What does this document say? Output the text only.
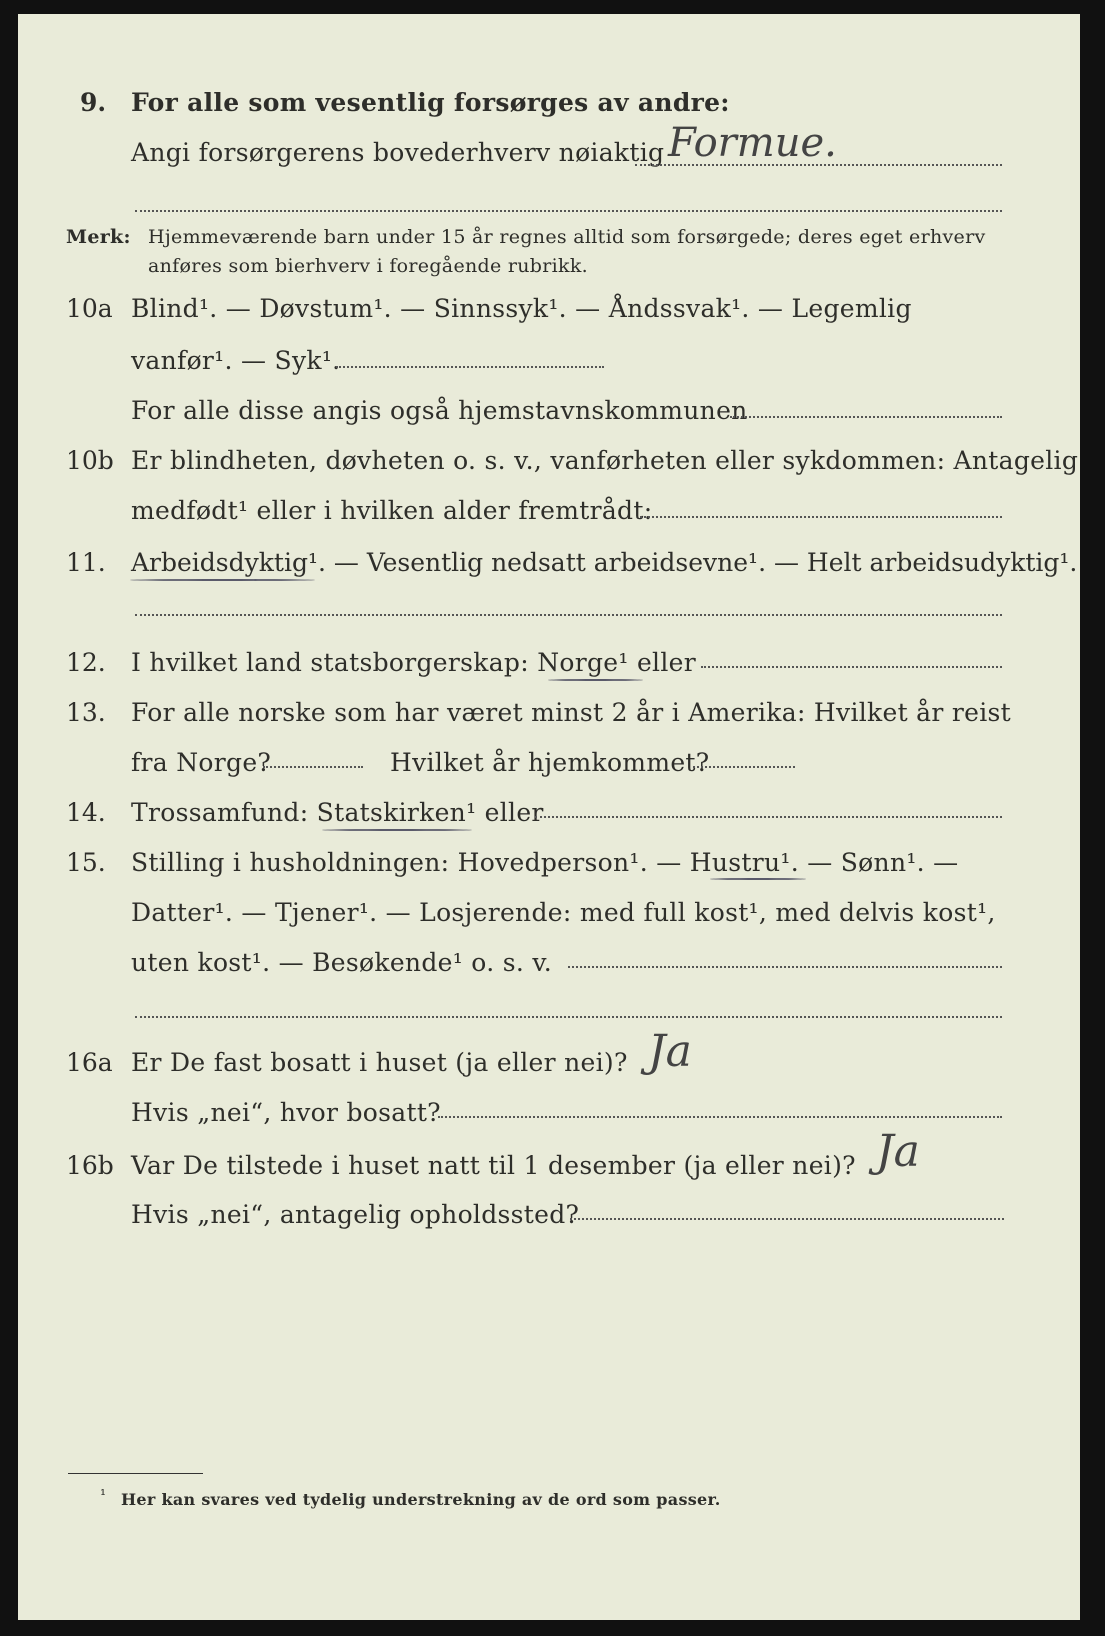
9. For alle som vesentlig forsørges av andre:
Angi forsørgerens bovederhverv nøiaktig Formue.
Merk: Hjemmeværende barn under 15 år regnes alltid som forsørgede; deres eget erhverv
anføres som bierhverv i foregående rubrikk.
10a Blind¹. — Døvstum¹. — Sinnssyk¹. — Åndssvak¹. — Legemlig
vanfør¹. — Syk¹.
For alle disse angis også hjemstavnskommunen
10b Er blindheten, døvheten o. s. v., vanførheten eller sykdommen: Antagelig
medfødt¹ eller i hvilken alder fremtrådt:
11. Arbeidsdyktig¹. — Vesentlig nedsatt arbeidsevne¹. — Helt arbeidsudyktig¹.
12. I hvilket land statsborgerskap: Norge¹ eller
13. For alle norske som har været minst 2 år i Amerika: Hvilket år reist
fra Norge?	Hvilket år hjemkommet?
14. Trossamfund: Statskirken¹ eller
15. Stilling i husholdningen: Hovedperson¹. — Hustru¹. — Sønn¹. —
Datter¹. — Tjener¹. — Losjerende: med full kost¹, med delvis kost¹,
uten kost¹. — Besøkende¹ o. s. v.
16a Er De fast bosatt i huset (ja eller nei)? Ja
Hvis „nei“, hvor bosatt?
16b Var De tilstede i huset natt til 1 desember (ja eller nei)? Ja
Hvis „nei“, antagelig opholdssted?
¹ Her kan svares ved tydelig understrekning av de ord som passer.
